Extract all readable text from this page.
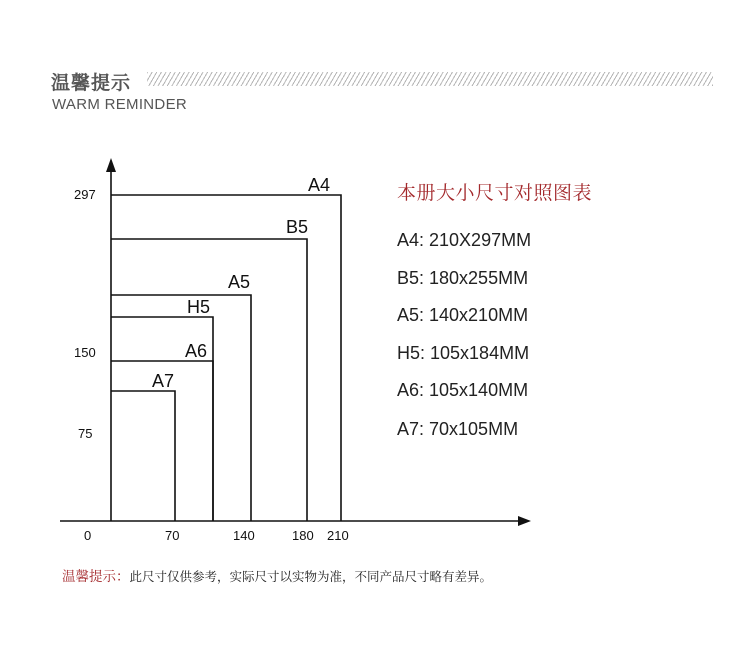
温馨提示
WARM REMINDER
A4
B5
A5
H5
A6
A7
297
150
75
0	70	140	180 210
本册大小尺寸对照图表
A4: 210X297MM
B5: 180x255MM
A5: 140x210MM
H5: 105x184MM
A6: 105x140MM
A7: 70x105MM
温馨提示：此尺寸仅供参考，实际尺寸以实物为准，不同产品尺寸略有差异。
